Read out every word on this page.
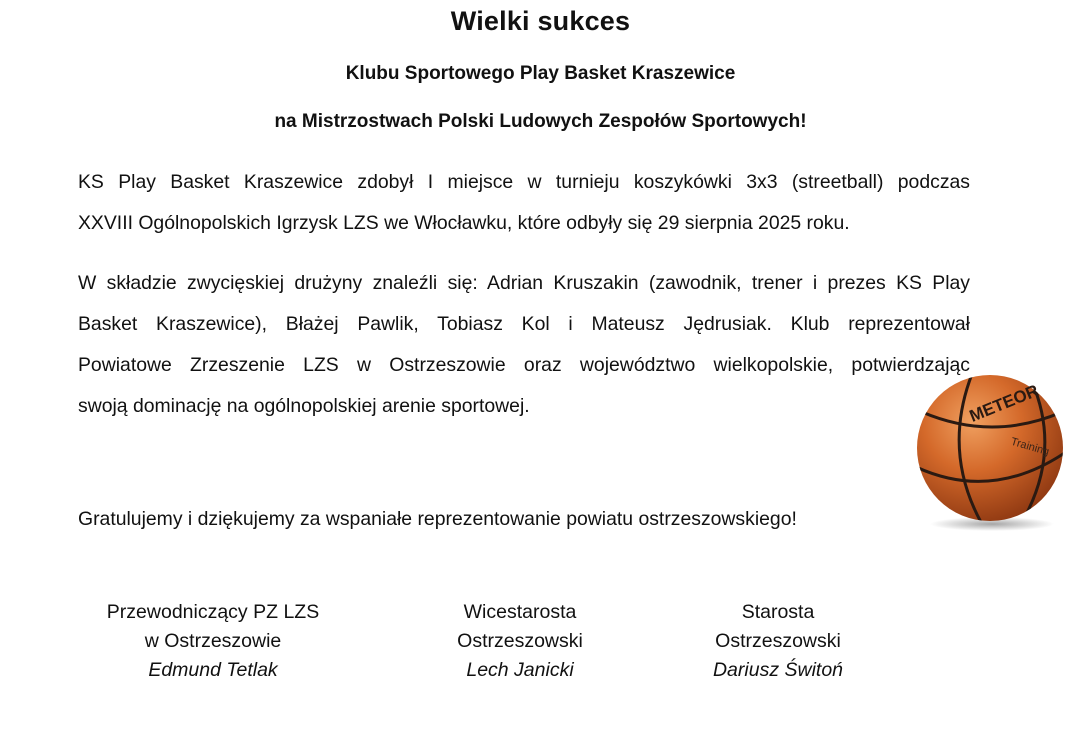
Wielki sukces
Klubu Sportowego Play Basket Kraszewice
na Mistrzostwach Polski Ludowych Zespołów Sportowych!
KS Play Basket Kraszewice zdobył I miejsce w turnieju koszykówki 3x3 (streetball) podczas
XXVIII Ogólnopolskich Igrzysk LZS we Włocławku, które odbyły się 29 sierpnia 2025 roku.
W składzie zwycięskiej drużyny znaleźli się: Adrian Kruszakin (zawodnik, trener i prezes KS Play
Basket Kraszewice), Błażej Pawlik, Tobiasz Kol i Mateusz Jędrusiak. Klub reprezentował
Powiatowe Zrzeszenie LZS w Ostrzeszowie oraz województwo wielkopolskie, potwierdzając
swoją dominację na ogólnopolskiej arenie sportowej.
Gratulujemy i dziękujemy za wspaniałe reprezentowanie powiatu ostrzeszowskiego!
METEOR
Training
Przewodniczący PZ LZS
w Ostrzeszowie
Edmund Tetlak
Wicestarosta
Ostrzeszowski
Lech Janicki
Starosta
Ostrzeszowski
Dariusz Świtoń
